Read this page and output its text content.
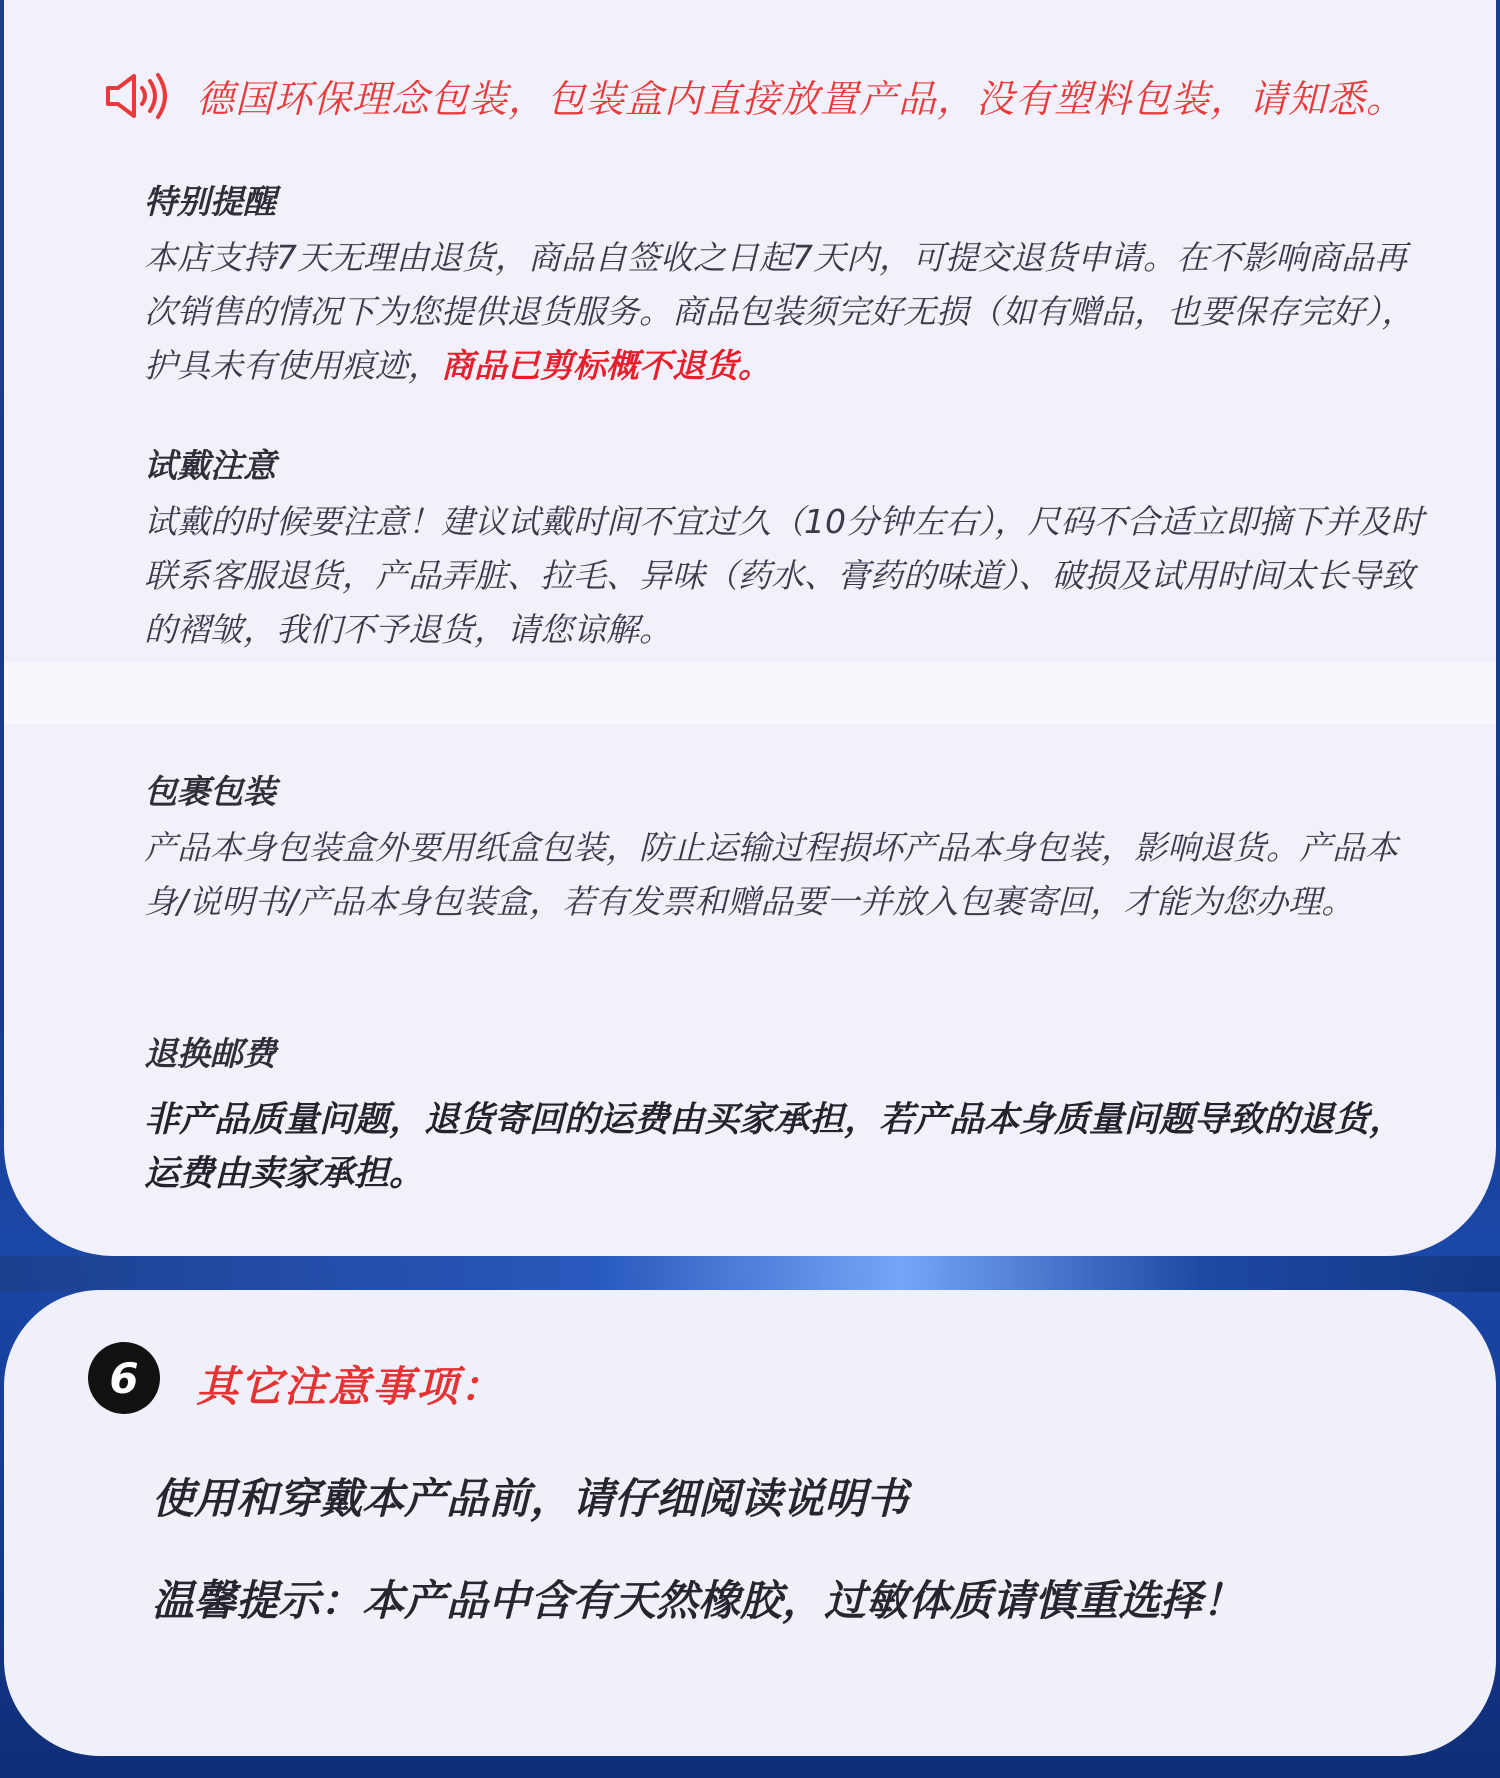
德国环保理念包装，包装盒内直接放置产品，没有塑料包装，请知悉。

特别提醒

本店支持7天无理由退货，商品自签收之日起7天内，可提交退货申请。在不影响商品再次销售的情况下为您提供退货服务。商品包装须完好无损（如有赠品，也要保存完好），护具未有使用痕迹，商品已剪标概不退货。

试戴注意

试戴的时候要注意！建议试戴时间不宜过久（10分钟左右），尺码不合适立即摘下并及时联系客服退货，产品弄脏、拉毛、异味（药水、膏药的味道）、破损及试用时间太长导致的褶皱，我们不予退货，请您谅解。

包裹包装

产品本身包装盒外要用纸盒包装，防止运输过程损坏产品本身包装，影响退货。产品本身/说明书/产品本身包装盒，若有发票和赠品要一并放入包裹寄回，才能为您办理。

退换邮费

非产品质量问题，退货寄回的运费由买家承担，若产品本身质量问题导致的退货，运费由卖家承担。

6	其它注意事项：
使用和穿戴本产品前，请仔细阅读说明书
温馨提示：本产品中含有天然橡胶，过敏体质请慎重选择！
